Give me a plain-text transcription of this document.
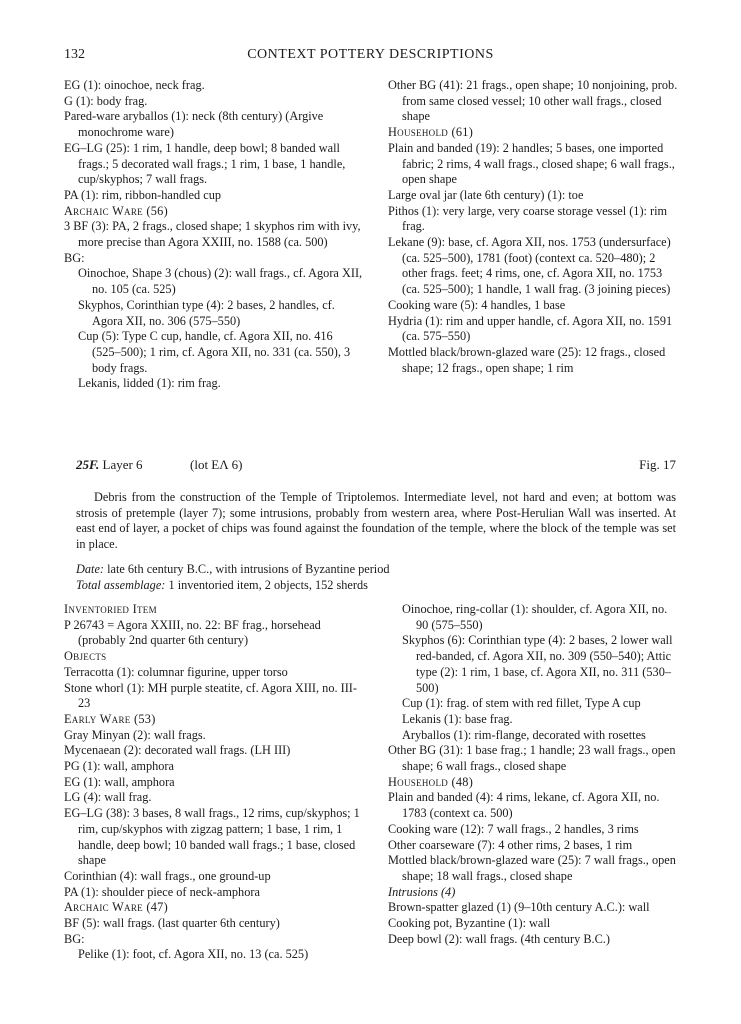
132	CONTEXT POTTERY DESCRIPTIONS

EG (1): oinochoe, neck frag.

G (1): body frag.

Pared-ware aryballos (1): neck (8th century) (Argive monochrome ware)

EG–LG (25): 1 rim, 1 handle, deep bowl; 8 banded wall frags.; 5 decorated wall frags.; 1 rim, 1 base, 1 handle, cup/skyphos; 7 wall frags.

PA (1): rim, ribbon-handled cup

Archaic Ware (56)

3 BF (3): PA, 2 frags., closed shape; 1 skyphos rim with ivy, more precise than Agora XXIII, no. 1588 (ca. 500)

BG:

Oinochoe, Shape 3 (chous) (2): wall frags., cf. Agora XII, no. 105 (ca. 525)

Skyphos, Corinthian type (4): 2 bases, 2 handles, cf. Agora XII, no. 306 (575–550)

Cup (5): Type C cup, handle, cf. Agora XII, no. 416 (525–500); 1 rim, cf. Agora XII, no. 331 (ca. 550), 3 body frags.

Lekanis, lidded (1): rim frag.

Other BG (41): 21 frags., open shape; 10 nonjoining, prob. from same closed vessel; 10 other wall frags., closed shape

Household (61)

Plain and banded (19): 2 handles; 5 bases, one imported fabric; 2 rims, 4 wall frags., closed shape; 6 wall frags., open shape

Large oval jar (late 6th century) (1): toe

Pithos (1): very large, very coarse storage vessel (1): rim frag.

Lekane (9): base, cf. Agora XII, nos. 1753 (undersurface) (ca. 525–500), 1781 (foot) (context ca. 520–480); 2 other frags. feet; 4 rims, one, cf. Agora XII, no. 1753 (ca. 525–500); 1 handle, 1 wall frag. (3 joining pieces)

Cooking ware (5): 4 handles, 1 base

Hydria (1): rim and upper handle, cf. Agora XII, no. 1591 (ca. 575–550)

Mottled black/brown-glazed ware (25): 12 frags., closed shape; 12 frags., open shape; 1 rim

25F. Layer 6	(lot EΛ 6)	Fig. 17

Debris from the construction of the Temple of Triptolemos. Intermediate level, not hard and even; at bottom was strosis of pretemple (layer 7); some intrusions, probably from western area, where Post-Herulian Wall was inserted. At east end of layer, a pocket of chips was found against the foundation of the temple, where the block of the temple was set in place.

Date: late 6th century B.C., with intrusions of Byzantine period

Total assemblage: 1 inventoried item, 2 objects, 152 sherds

Inventoried Item

P 26743 = Agora XXIII, no. 22: BF frag., horsehead (probably 2nd quarter 6th century)

Objects

Terracotta (1): columnar figurine, upper torso

Stone whorl (1): MH purple steatite, cf. Agora XIII, no. III-23

Early Ware (53)

Gray Minyan (2): wall frags.

Mycenaean (2): decorated wall frags. (LH III)

PG (1): wall, amphora

EG (1): wall, amphora

LG (4): wall frag.

EG–LG (38): 3 bases, 8 wall frags., 12 rims, cup/skyphos; 1 rim, cup/skyphos with zigzag pattern; 1 base, 1 rim, 1 handle, deep bowl; 10 banded wall frags.; 1 base, closed shape

Corinthian (4): wall frags., one ground-up

PA (1): shoulder piece of neck-amphora

Archaic Ware (47)

BF (5): wall frags. (last quarter 6th century)

BG:

Pelike (1): foot, cf. Agora XII, no. 13 (ca. 525)

Oinochoe, ring-collar (1): shoulder, cf. Agora XII, no. 90 (575–550)

Skyphos (6): Corinthian type (4): 2 bases, 2 lower wall red-banded, cf. Agora XII, no. 309 (550–540); Attic type (2): 1 rim, 1 base, cf. Agora XII, no. 311 (530–500)

Cup (1): frag. of stem with red fillet, Type A cup

Lekanis (1): base frag.

Aryballos (1): rim-flange, decorated with rosettes

Other BG (31): 1 base frag.; 1 handle; 23 wall frags., open shape; 6 wall frags., closed shape

Household (48)

Plain and banded (4): 4 rims, lekane, cf. Agora XII, no. 1783 (context ca. 500)

Cooking ware (12): 7 wall frags., 2 handles, 3 rims

Other coarseware (7): 4 other rims, 2 bases, 1 rim

Mottled black/brown-glazed ware (25): 7 wall frags., open shape; 18 wall frags., closed shape

Intrusions (4)

Brown-spatter glazed (1) (9–10th century A.C.): wall

Cooking pot, Byzantine (1): wall

Deep bowl (2): wall frags. (4th century B.C.)
